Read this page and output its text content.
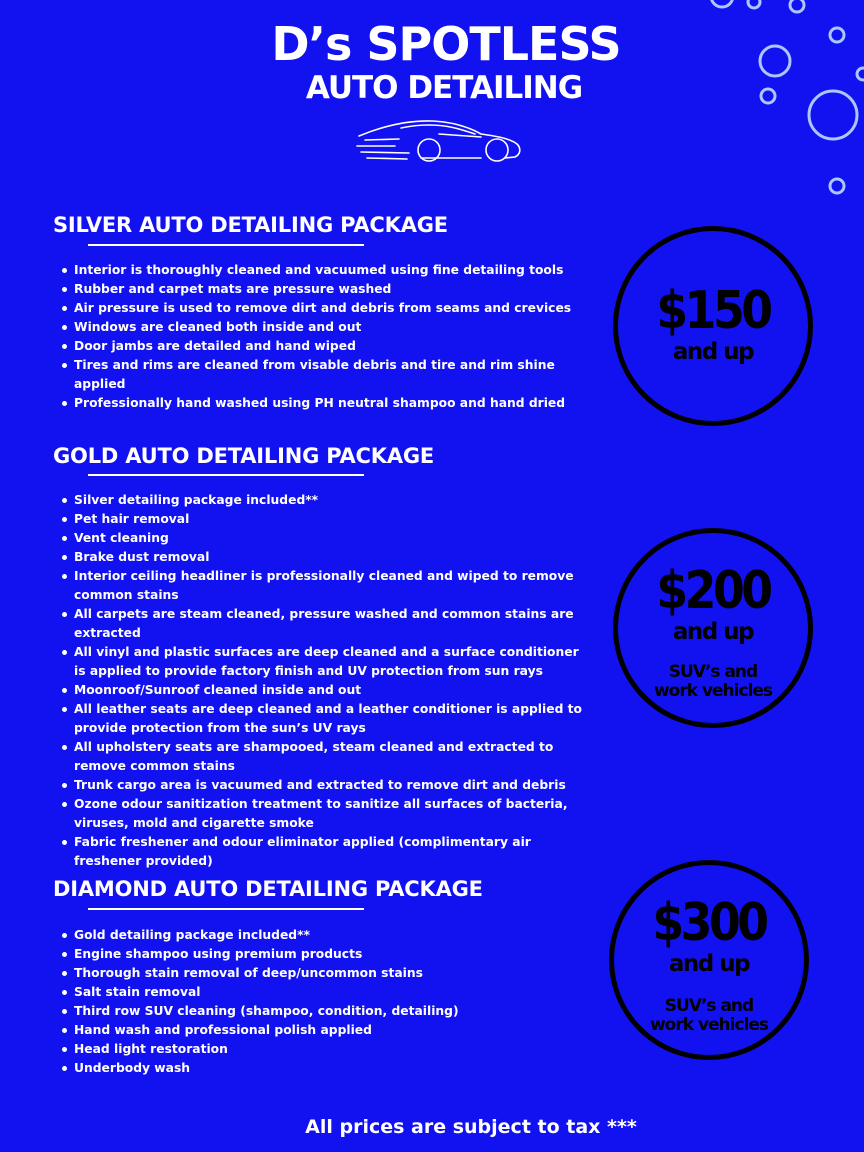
D’s SPOTLESS
AUTO DETAILING
SILVER AUTO DETAILING PACKAGE
Interior is thoroughly cleaned and vacuumed using fine detailing tools
Rubber and carpet mats are pressure washed
Air pressure is used to remove dirt and debris from seams and crevices
Windows are cleaned both inside and out
Door jambs are detailed and hand wiped
Tires and rims are cleaned from visable debris and tire and rim shine applied
Professionally hand washed using PH neutral shampoo and hand dried
$150
and up
GOLD AUTO DETAILING PACKAGE
Silver detailing package included**
Pet hair removal
Vent cleaning
Brake dust removal
Interior ceiling headliner is professionally cleaned and wiped to remove common stains
All carpets are steam cleaned, pressure washed and common stains are extracted
All vinyl and plastic surfaces are deep cleaned and a surface conditioner is applied to provide factory finish and UV protection from sun rays
Moonroof/Sunroof cleaned inside and out
All leather seats are deep cleaned and a leather conditioner is applied to provide protection from the sun’s UV rays
All upholstery seats are shampooed, steam cleaned and extracted to remove common stains
Trunk cargo area is vacuumed and extracted to remove dirt and debris
Ozone odour sanitization treatment to sanitize all surfaces of bacteria, viruses, mold and cigarette smoke
Fabric freshener and odour eliminator applied (complimentary air freshener provided)
$200
and up
SUV’s and work vehicles
DIAMOND AUTO DETAILING PACKAGE
Gold detailing package included**
Engine shampoo using premium products
Thorough stain removal of deep/uncommon stains
Salt stain removal
Third row SUV cleaning (shampoo, condition, detailing)
Hand wash and professional polish applied
Head light restoration
Underbody wash
$300
and up
SUV’s and work vehicles
All prices are subject to tax ***
